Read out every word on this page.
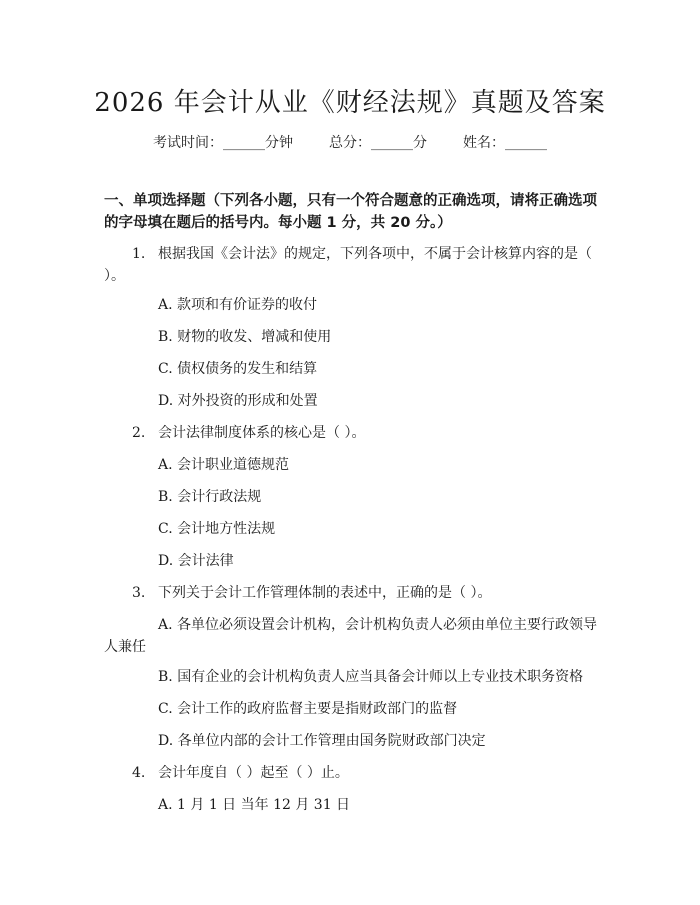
2026 年会计从业《财经法规》真题及答案
考试时间：______分钟	总分：______分	姓名：______
一、单项选择题（下列各小题，只有一个符合题意的正确选项，请将正确选项的字母填在题后的括号内。每小题 1 分，共 20 分。）
1. 根据我国《会计法》的规定，下列各项中，不属于会计核算内容的是（ ）。
A. 款项和有价证券的收付
B. 财物的收发、增减和使用
C. 债权债务的发生和结算
D. 对外投资的形成和处置
2. 会计法律制度体系的核心是（ ）。
A. 会计职业道德规范
B. 会计行政法规
C. 会计地方性法规
D. 会计法律
3. 下列关于会计工作管理体制的表述中，正确的是（ ）。
A. 各单位必须设置会计机构，会计机构负责人必须由单位主要行政领导人兼任
B. 国有企业的会计机构负责人应当具备会计师以上专业技术职务资格
C. 会计工作的政府监督主要是指财政部门的监督
D. 各单位内部的会计工作管理由国务院财政部门决定
4. 会计年度自（ ）起至（ ）止。
A. 1 月 1 日 当年 12 月 31 日
